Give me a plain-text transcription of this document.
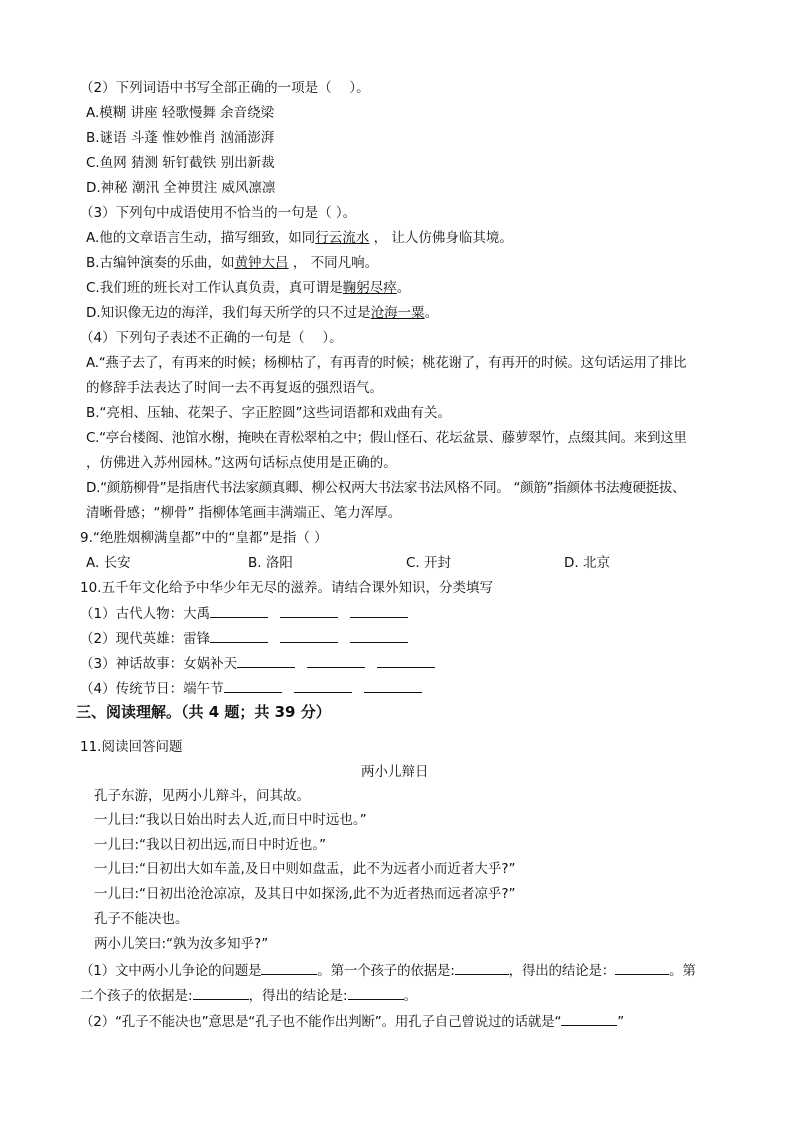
（2）下列词语中书写全部正确的一项是（　 ）。
A.模糊 讲座 轻歌慢舞 余音绕梁
B.谜语 斗蓬 惟妙惟肖 汹涌澎湃
C.鱼网 猜测 斩钉截铁 别出新裁
D.神秘 潮汛 全神贯注 威风凛凛
（3）下列句中成语使用不恰当的一句是（ ）。
A.他的文章语言生动，描写细致，如同行云流水 ， 让人仿佛身临其境。
B.古编钟演奏的乐曲，如黄钟大吕 ， 不同凡响。
C.我们班的班长对工作认真负责，真可谓是鞠躬尽瘁。
D.知识像无边的海洋，我们每天所学的只不过是沧海一粟。
（4）下列句子表述不正确的一句是（　 ）。
A.“燕子去了，有再来的时候；杨柳枯了，有再青的时候；桃花谢了，有再开的时候。这句话运用了排比
的修辞手法表达了时间一去不再复返的强烈语气。
B.“亮相、压轴、花架子、字正腔圆”这些词语都和戏曲有关。
C.“亭台楼阁、池馆水榭，掩映在青松翠柏之中；假山怪石、花坛盆景、藤萝翠竹，点缀其间。来到这里
，仿佛进入苏州园林。”这两句话标点使用是正确的。
D.“颜筋柳骨”是指唐代书法家颜真卿、柳公权两大书法家书法风格不同。 “颜筋”指颜体书法瘦硬挺拔、
清晰骨感；“柳骨” 指柳体笔画丰满端正、笔力浑厚。
9.“绝胜烟柳满皇都”中的“皇都”是指（ ）
A. 长安	B. 洛阳	C. 开封	D. 北京
10.五千年文化给予中华少年无尽的滋养。请结合课外知识，分类填写
（1）古代人物：大禹
（2）现代英雄：雷锋
（3）神话故事：女娲补天
（4）传统节日：端午节
三、阅读理解。（共 4 题；共 39 分）
11.阅读回答问题
两小儿辩日
孔子东游，见两小儿辩斗，问其故。
一儿曰:“我以日始出时去人近,而日中时远也。”
一儿曰:“我以日初出远,而日中时近也。”
一儿曰:“日初出大如车盖,及日中则如盘盂，此不为远者小而近者大乎?”
一儿曰:“日初出沧沧凉凉，及其日中如探汤,此不为近者热而远者凉乎?”
孔子不能决也。
两小儿笑曰:“孰为汝多知乎?”
（1）文中两小儿争论的问题是	。第一个孩子的依据是:	，得出的结论是：	。第
二个孩子的依据是:	，得出的结论是:	。
（2）“孔子不能决也”意思是“孔子也不能作出判断”。用孔子自己曾说过的话就是“	”
